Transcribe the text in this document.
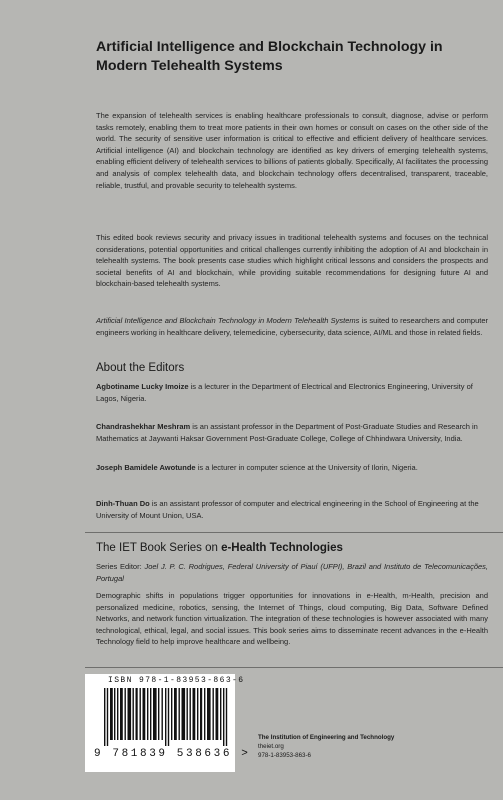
Artificial Intelligence and Blockchain Technology in Modern Telehealth Systems
The expansion of telehealth services is enabling healthcare professionals to consult, diagnose, advise or perform tasks remotely, enabling them to treat more patients in their own homes or consult on cases on the other side of the world. The security of sensitive user information is critical to effective and efficient delivery of healthcare services. Artificial intelligence (AI) and blockchain technology are identified as key drivers of emerging telehealth systems, enabling efficient delivery of telehealth services to billions of patients globally. Specifically, AI facilitates the processing and analysis of complex telehealth data, and blockchain technology offers decentralised, transparent, traceable, reliable, trustful, and provable security to telehealth systems.
This edited book reviews security and privacy issues in traditional telehealth systems and focuses on the technical considerations, potential opportunities and critical challenges currently inhibiting the adoption of AI and blockchain in telehealth systems. The book presents case studies which highlight critical lessons and considers the prospects and societal benefits of AI and blockchain, while providing suitable recommendations for designing future AI and blockchain-based telehealth systems.
Artificial Intelligence and Blockchain Technology in Modern Telehealth Systems is suited to researchers and computer engineers working in healthcare delivery, telemedicine, cybersecurity, data science, AI/ML and those in related fields.
About the Editors
Agbotiname Lucky Imoize is a lecturer in the Department of Electrical and Electronics Engineering, University of Lagos, Nigeria.
Chandrashekhar Meshram is an assistant professor in the Department of Post-Graduate Studies and Research in Mathematics at Jaywanti Haksar Government Post-Graduate College, College of Chhindwara University, India.
Joseph Bamidele Awotunde is a lecturer in computer science at the University of Ilorin, Nigeria.
Dinh-Thuan Do is an assistant professor of computer and electrical engineering in the School of Engineering at the University of Mount Union, USA.
The IET Book Series on e-Health Technologies
Series Editor: Joel J. P. C. Rodrigues, Federal University of Piauí (UFPI), Brazil and Instituto de Telecomunicações, Portugal
Demographic shifts in populations trigger opportunities for innovations in e-Health, m-Health, precision and personalized medicine, robotics, sensing, the Internet of Things, cloud computing, Big Data, Software Defined Networks, and network function virtualization. The integration of these technologies is however associated with many technological, ethical, legal, and social issues. This book series aims to disseminate recent advances in the e-Health Technology field to help improve healthcare and wellbeing.
ISBN 978-1-83953-863-6
9 781839 538636 >
The Institution of Engineering and Technology
theiet.org
978-1-83953-863-6
